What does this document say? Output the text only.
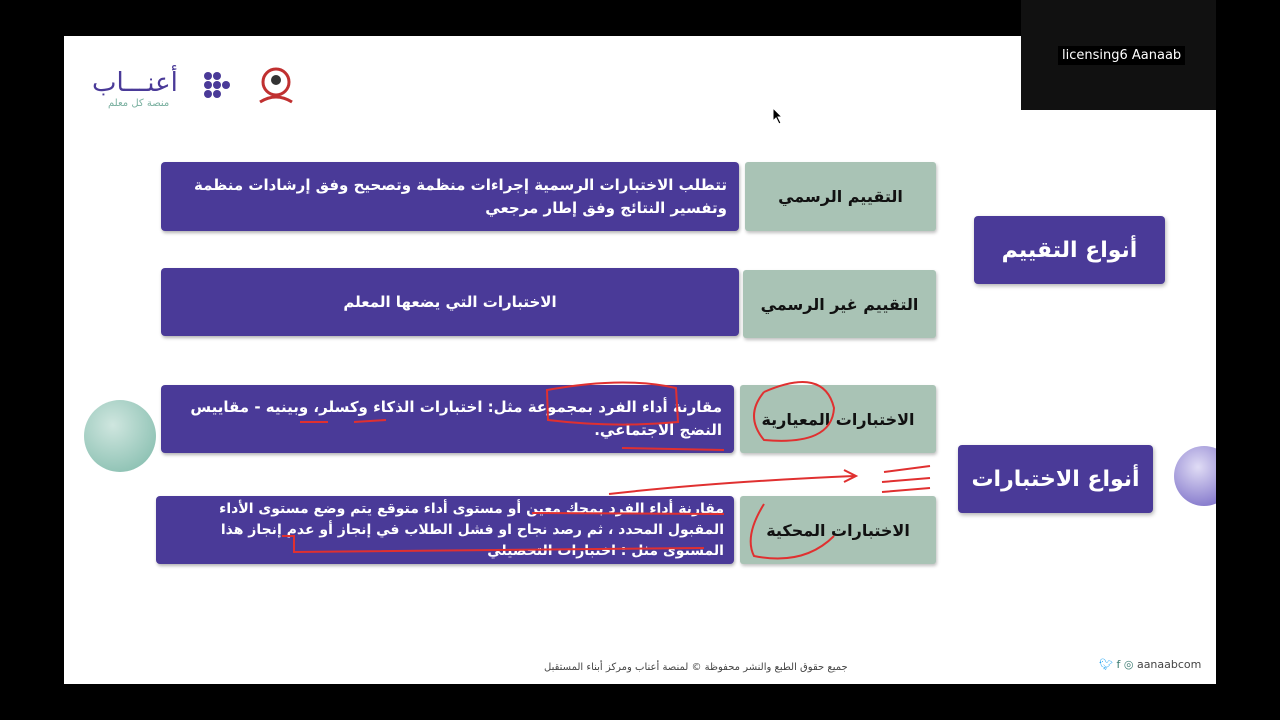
أعنـــاب
منصة كل معلم
تتطلب الاختبارات الرسمية إجراءات منظمة وتصحيح وفق إرشادات منظمة وتفسير النتائج وفق إطار مرجعي
التقييم الرسمي
الاختبارات التي يضعها المعلم	التقييم غير الرسمي
مقارنة أداء الفرد بمجموعة مثل: اختبارات الذكاء وكسلر، وبينيه - مقاييس النضج الاجتماعي.
الاختبارات المعيارية
مقارنة أداء الفرد بمحك معين أو مستوى أداء متوقع يتم وضع مستوى الأداء المقبول المحدد ، ثم رصد نجاح او فشل الطلاب في إنجاز أو عدم إنجاز هذا المستوى مثل : اختبارات التحصيلي
الاختبارات المحكية
أنواع التقييم
أنواع الاختبارات
جميع حقوق الطبع والنشر محفوظة © لمنصة أعناب ومركز أبناء المستقبل	🐦︎ f ◎ aanaabcom
licensing6 Aanaab
